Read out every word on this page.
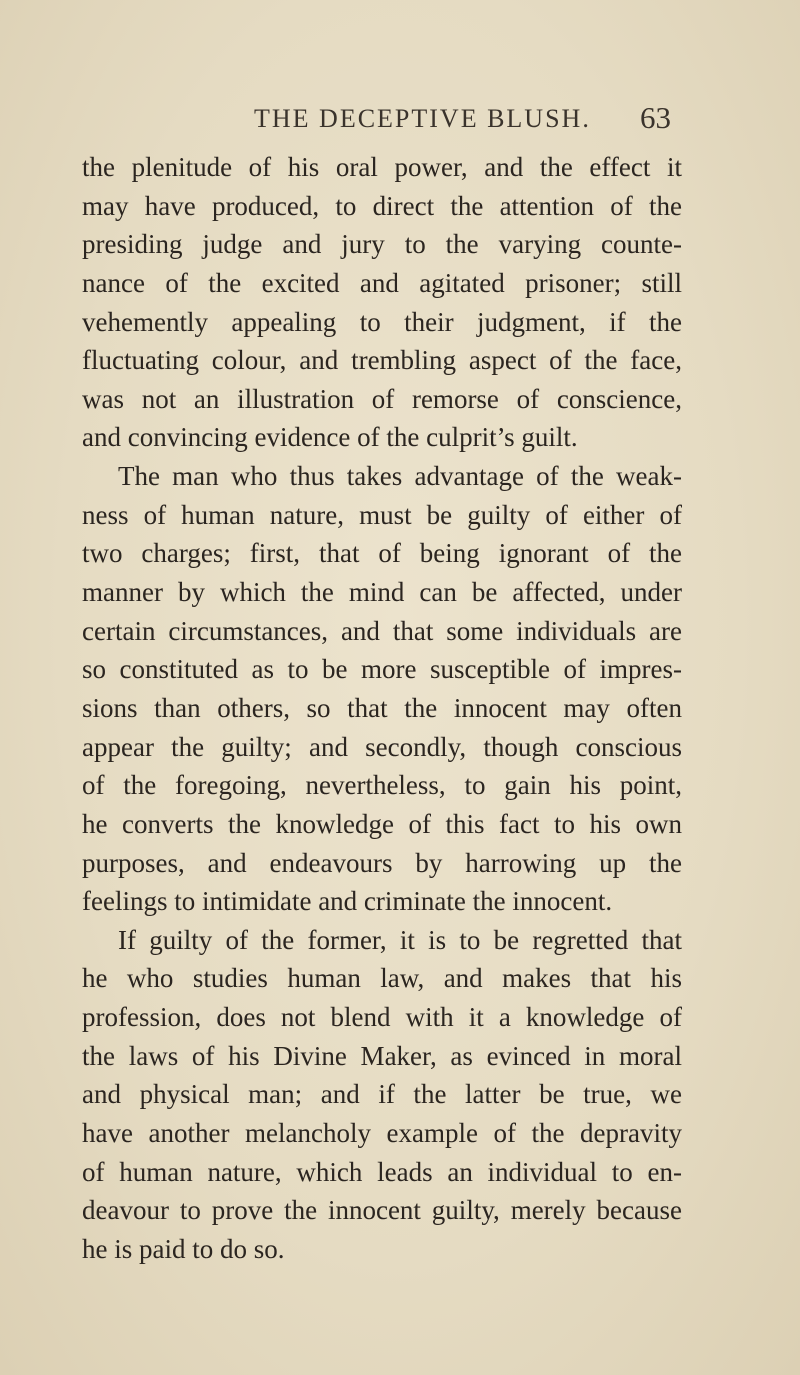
THE DECEPTIVE BLUSH. 63
the plenitude of his oral power, and the effect it
may have produced, to direct the attention of the
presiding judge and jury to the varying counte-
nance of the excited and agitated prisoner; still
vehemently appealing to their judgment, if the
fluctuating colour, and trembling aspect of the face,
was not an illustration of remorse of conscience,
and convincing evidence of the culprit’s guilt.
The man who thus takes advantage of the weak-
ness of human nature, must be guilty of either of
two charges; first, that of being ignorant of the
manner by which the mind can be affected, under
certain circumstances, and that some individuals are
so constituted as to be more susceptible of impres-
sions than others, so that the innocent may often
appear the guilty; and secondly, though conscious
of the foregoing, nevertheless, to gain his point,
he converts the knowledge of this fact to his own
purposes, and endeavours by harrowing up the
feelings to intimidate and criminate the innocent.
If guilty of the former, it is to be regretted that
he who studies human law, and makes that his
profession, does not blend with it a knowledge of
the laws of his Divine Maker, as evinced in moral
and physical man; and if the latter be true, we
have another melancholy example of the depravity
of human nature, which leads an individual to en-
deavour to prove the innocent guilty, merely because
he is paid to do so.
